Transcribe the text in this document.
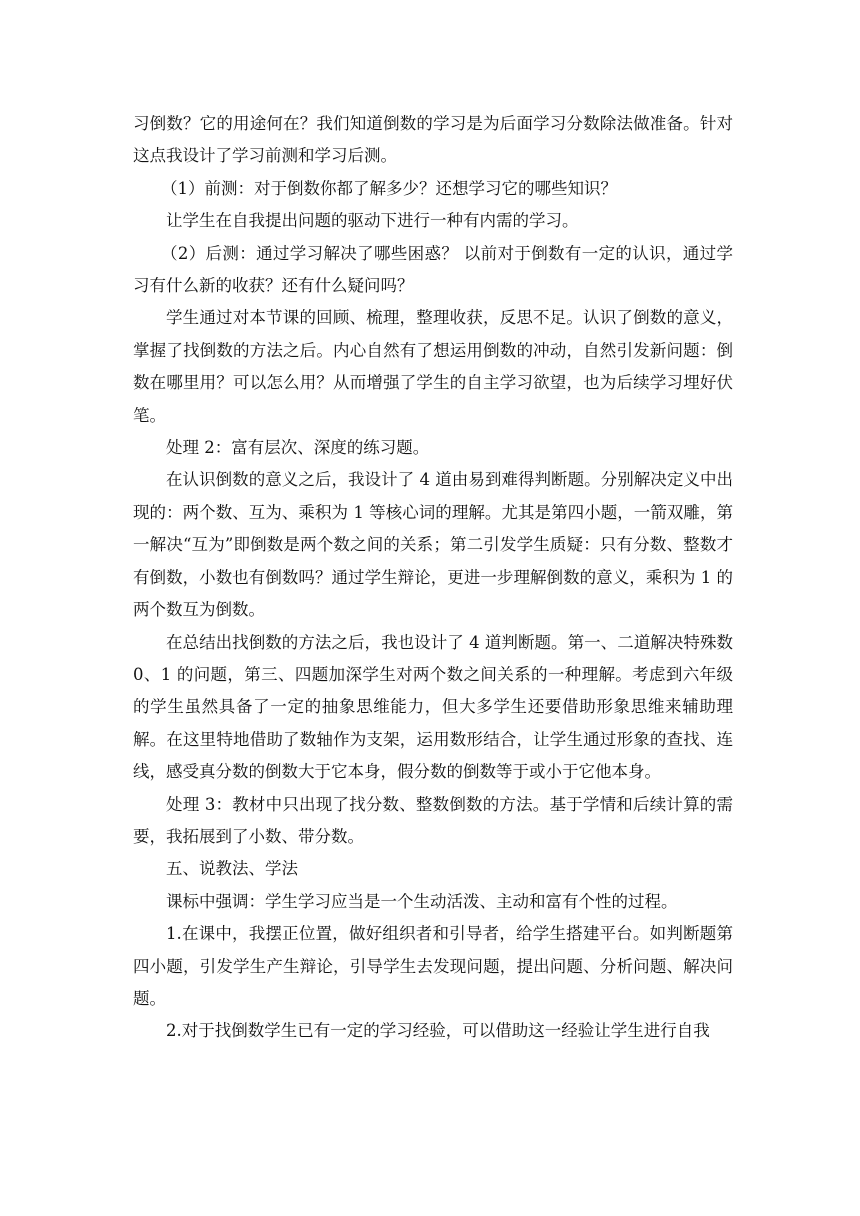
习倒数？它的用途何在？我们知道倒数的学习是为后面学习分数除法做准备。针对这点我设计了学习前测和学习后测。

（1）前测：对于倒数你都了解多少？还想学习它的哪些知识？

让学生在自我提出问题的驱动下进行一种有内需的学习。

（2）后测：通过学习解决了哪些困惑？ 以前对于倒数有一定的认识，通过学习有什么新的收获？还有什么疑问吗？

学生通过对本节课的回顾、梳理，整理收获，反思不足。认识了倒数的意义，掌握了找倒数的方法之后。内心自然有了想运用倒数的冲动，自然引发新问题：倒数在哪里用？可以怎么用？从而增强了学生的自主学习欲望，也为后续学习埋好伏笔。

处理 2：富有层次、深度的练习题。

在认识倒数的意义之后，我设计了 4 道由易到难得判断题。分别解决定义中出现的：两个数、互为、乘积为 1 等核心词的理解。尤其是第四小题，一箭双雕，第一解决“互为”即倒数是两个数之间的关系；第二引发学生质疑：只有分数、整数才有倒数，小数也有倒数吗？通过学生辩论，更进一步理解倒数的意义，乘积为 1 的两个数互为倒数。

在总结出找倒数的方法之后，我也设计了 4 道判断题。第一、二道解决特殊数 0、1 的问题，第三、四题加深学生对两个数之间关系的一种理解。考虑到六年级的学生虽然具备了一定的抽象思维能力，但大多学生还要借助形象思维来辅助理解。在这里特地借助了数轴作为支架，运用数形结合，让学生通过形象的查找、连线，感受真分数的倒数大于它本身，假分数的倒数等于或小于它他本身。

处理 3：教材中只出现了找分数、整数倒数的方法。基于学情和后续计算的需要，我拓展到了小数、带分数。

五、说教法、学法

课标中强调：学生学习应当是一个生动活泼、主动和富有个性的过程。

1.在课中，我摆正位置，做好组织者和引导者，给学生搭建平台。如判断题第四小题，引发学生产生辩论，引导学生去发现问题，提出问题、分析问题、解决问题。

2.对于找倒数学生已有一定的学习经验，可以借助这一经验让学生进行自我
